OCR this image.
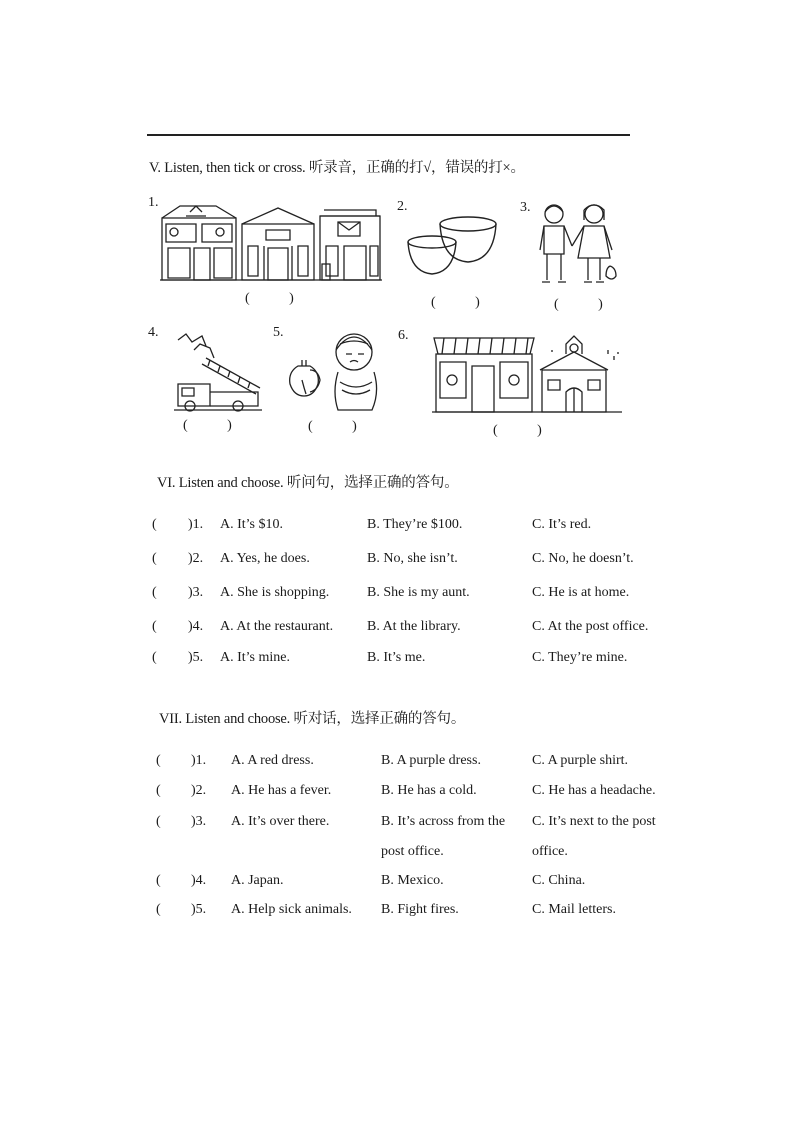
V. Listen, then tick or cross. 听录音，正确的打√，错误的打×。
1.
( )
2.
( )
3.
( )
4.
( )
5.
( )
6.
( )
VI. Listen and choose. 听问句，选择正确的答句。
( )1. A. It’s $10.	B. They’re $100.	C. It’s red.
( )2. A. Yes, he does.	B. No, she isn’t.	C. No, he doesn’t.
( )3. A. She is shopping.	B. She is my aunt.	C. He is at home.
( )4. A. At the restaurant. B. At the library.	C. At the post office.
( )5. A. It’s mine.	B. It’s me.	C. They’re mine.
VII. Listen and choose. 听对话，选择正确的答句。
( )1. A. A red dress.	B. A purple dress.	C. A purple shirt.
( )2. A. He has a fever.	B. He has a cold.	C. He has a headache.
( )3. A. It’s over there.	B. It’s across from the C. It’s next to the post
post office.	office.
( )4. A. Japan.	B. Mexico.	C. China.
( )5. A. Help sick animals. B. Fight fires.	C. Mail letters.
